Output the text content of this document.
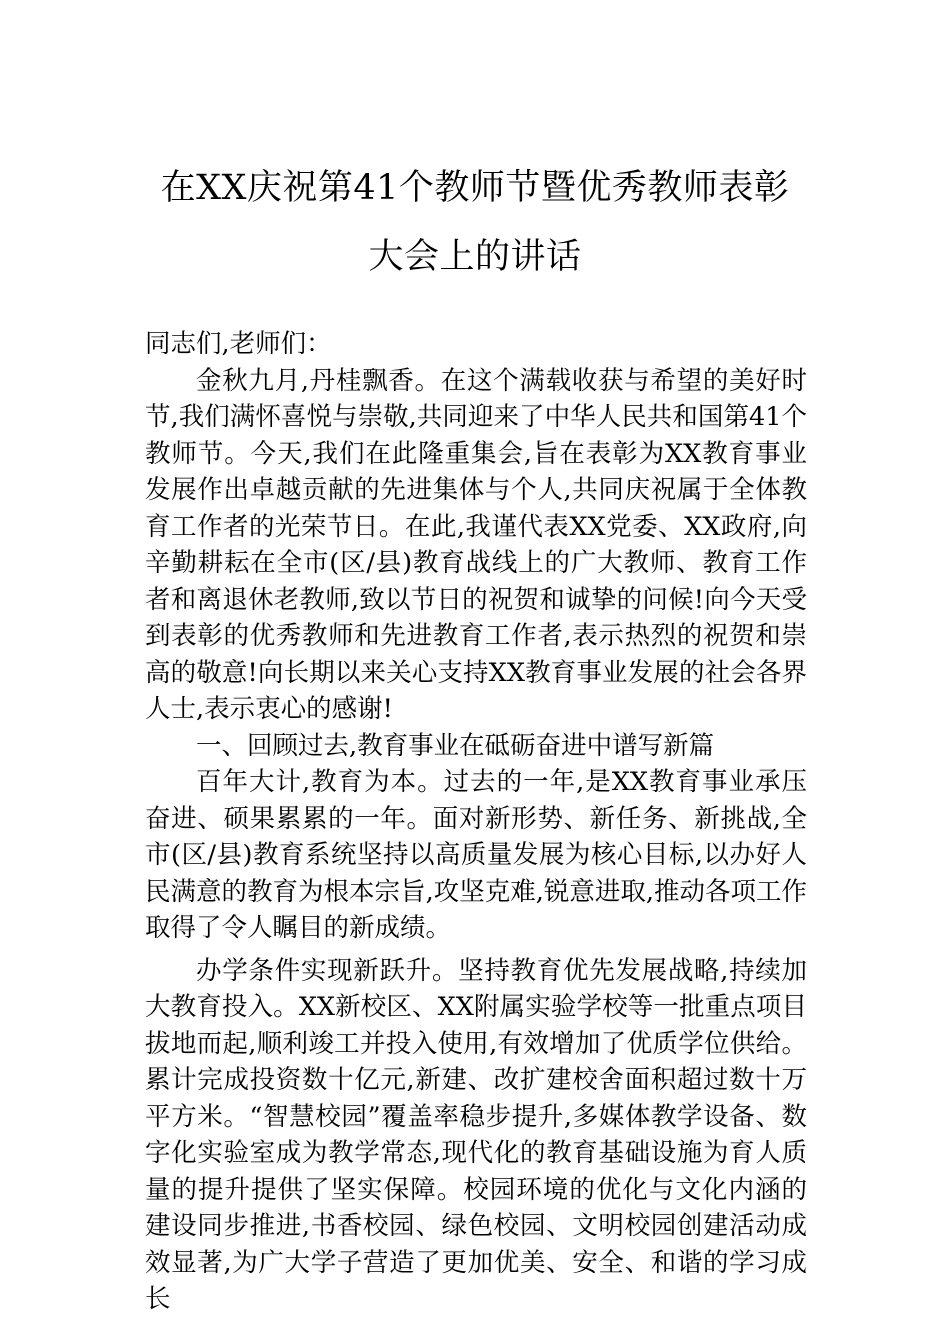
在XX庆祝第41个教师节暨优秀教师表彰
大会上的讲话

同志们,老师们：

金秋九月,丹桂飘香。在这个满载收获与希望的美好时节,我们满怀喜悦与崇敬,共同迎来了中华人民共和国第41个教师节。今天,我们在此隆重集会,旨在表彰为XX教育事业发展作出卓越贡献的先进集体与个人,共同庆祝属于全体教育工作者的光荣节日。在此,我谨代表XX党委、XX政府,向辛勤耕耘在全市(区/县)教育战线上的广大教师、教育工作者和离退休老教师,致以节日的祝贺和诚挚的问候!向今天受到表彰的优秀教师和先进教育工作者,表示热烈的祝贺和崇高的敬意!向长期以来关心支持XX教育事业发展的社会各界人士,表示衷心的感谢!

一、回顾过去,教育事业在砥砺奋进中谱写新篇

百年大计,教育为本。过去的一年,是XX教育事业承压奋进、硕果累累的一年。面对新形势、新任务、新挑战,全市(区/县)教育系统坚持以高质量发展为核心目标,以办好人民满意的教育为根本宗旨,攻坚克难,锐意进取,推动各项工作取得了令人瞩目的新成绩。

办学条件实现新跃升。坚持教育优先发展战略,持续加大教育投入。XX新校区、XX附属实验学校等一批重点项目拔地而起,顺利竣工并投入使用,有效增加了优质学位供给。累计完成投资数十亿元,新建、改扩建校舍面积超过数十万平方米。“智慧校园”覆盖率稳步提升,多媒体教学设备、数字化实验室成为教学常态,现代化的教育基础设施为育人质量的提升提供了坚实保障。校园环境的优化与文化内涵的建设同步推进,书香校园、绿色校园、文明校园创建活动成效显著,为广大学子营造了更加优美、安全、和谐的学习成长
